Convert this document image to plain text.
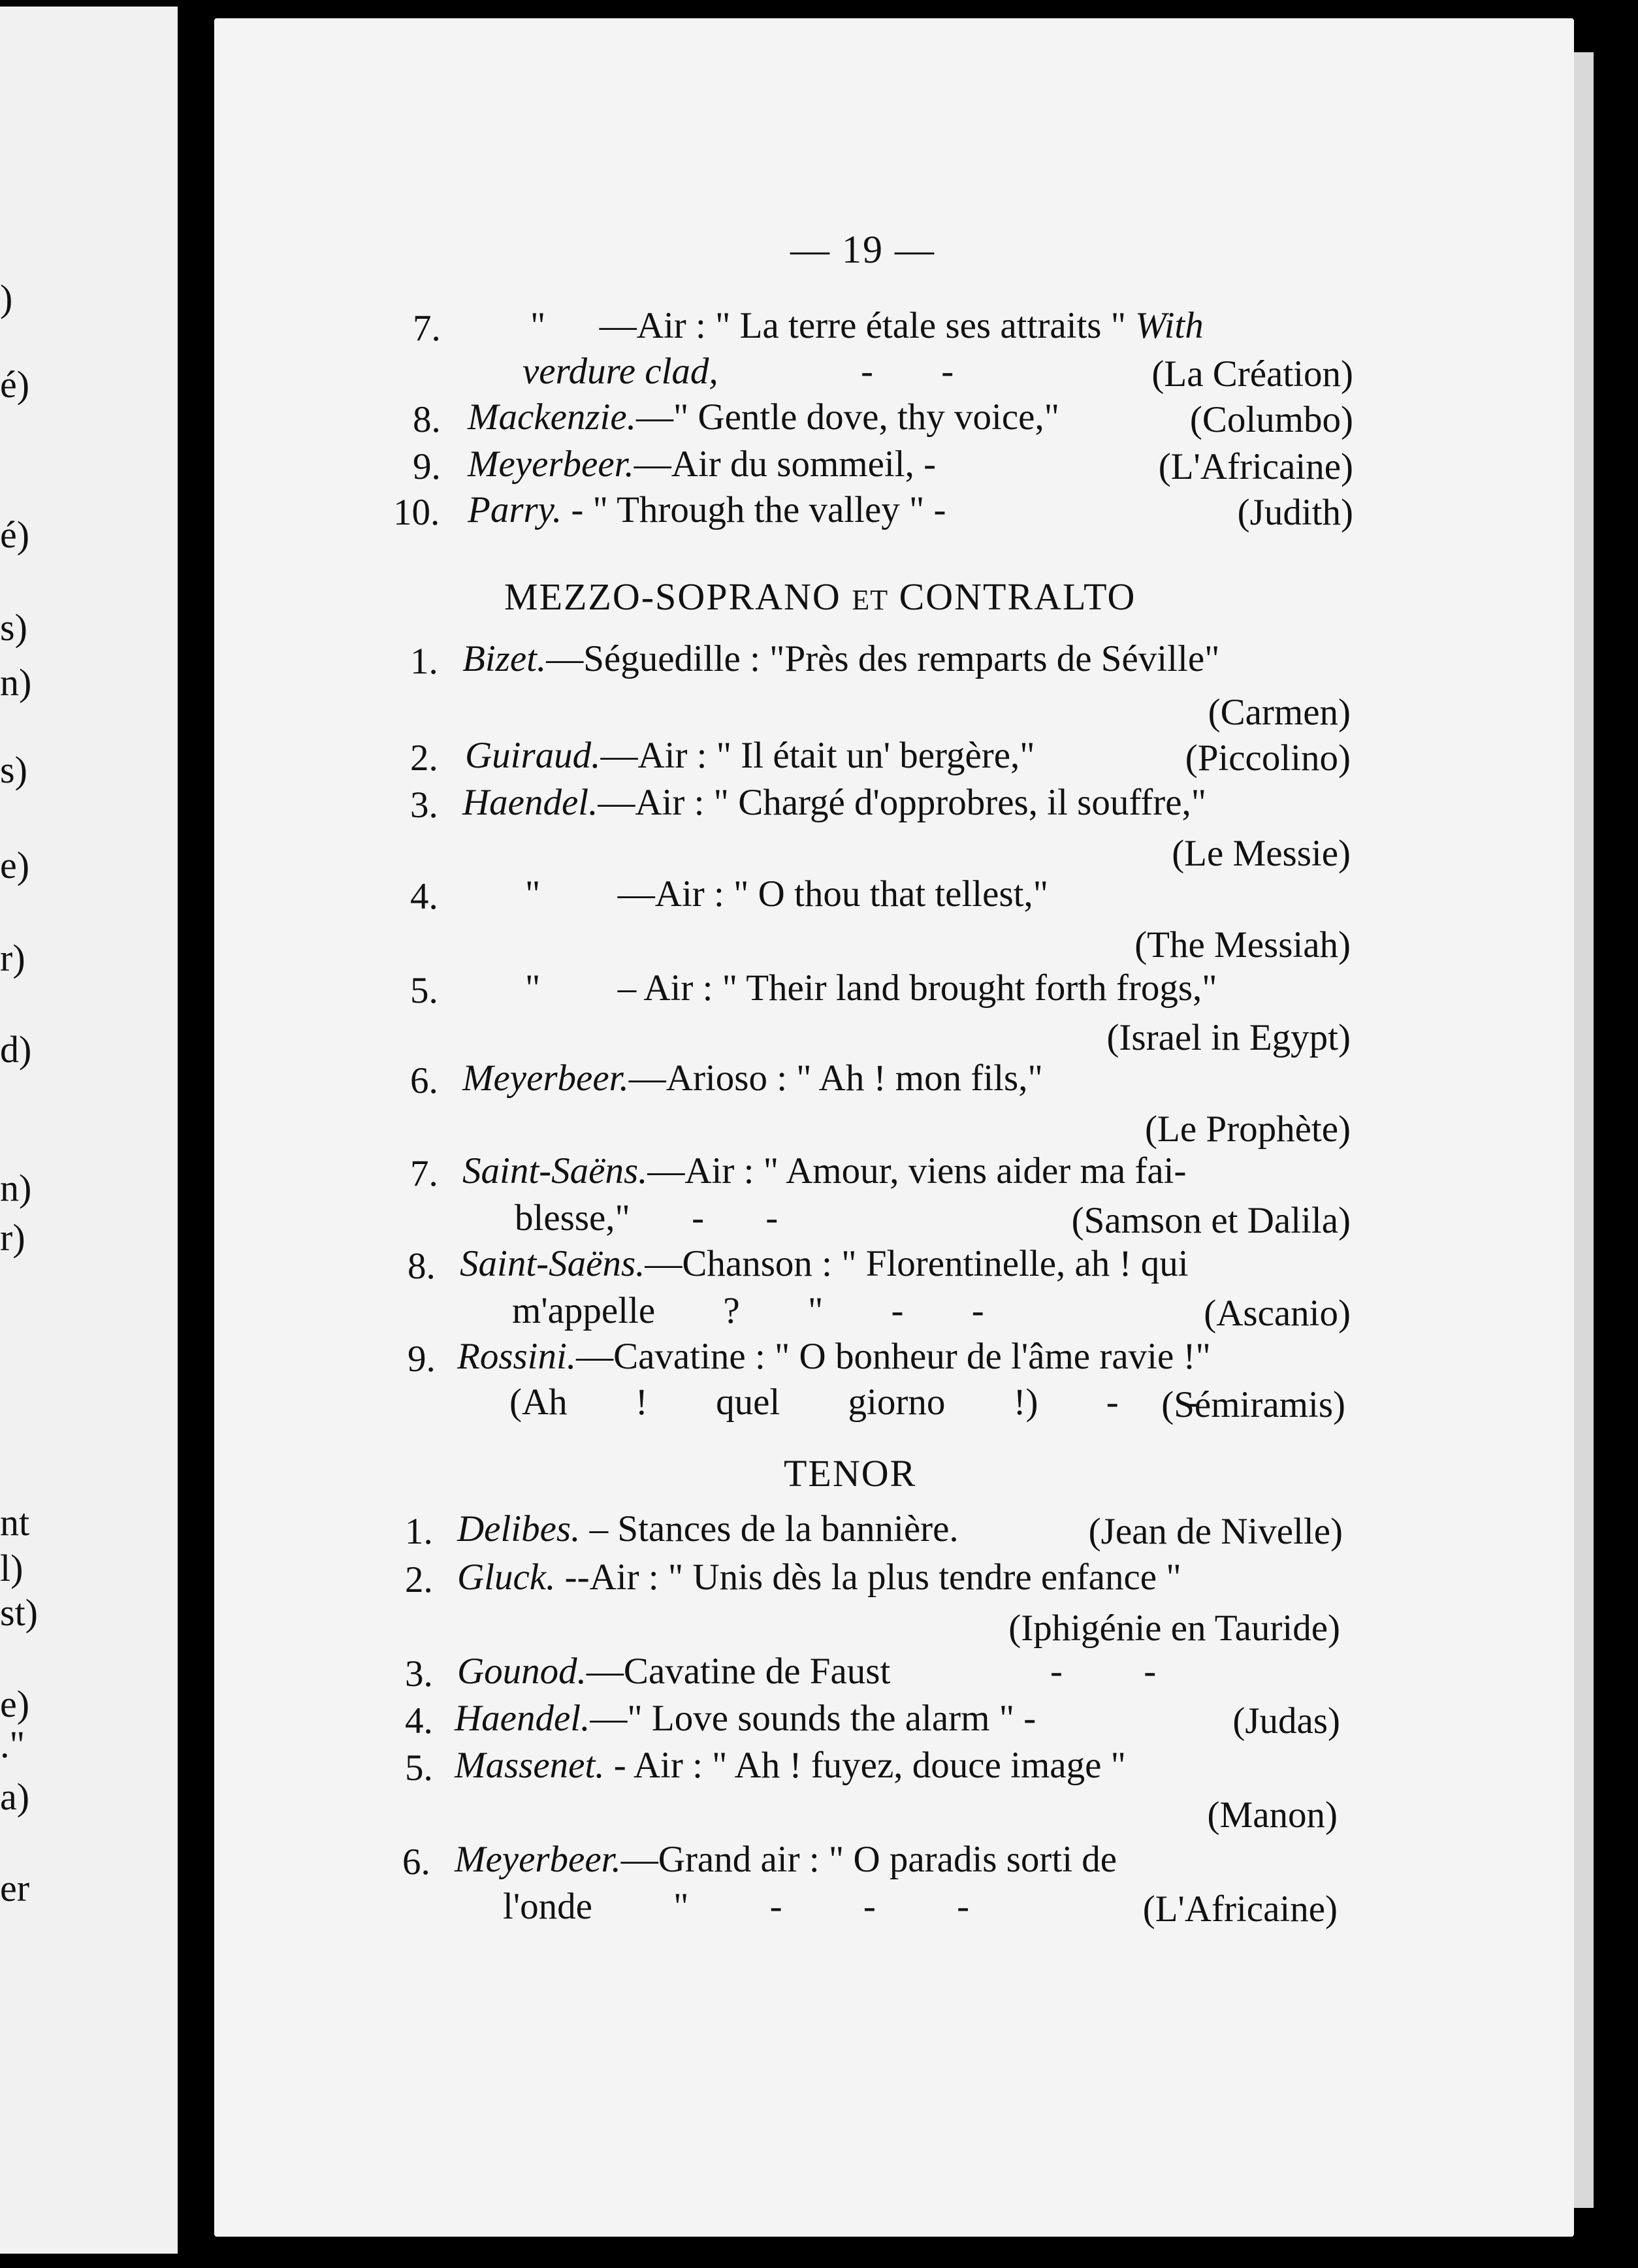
)
é)
é)
s)
n)
s)
e)
r)
d)
n)
r)
nt
l)
st)
e)
."
a)
er
— 19 —
7. " —Air : " La terre étale ses attraits " With
verdure clad,	- -	(La Création)
8. Mackenzie.—" Gentle dove, thy voice,"	(Columbo)
9. Meyerbeer.—Air du sommeil, -	(L'Africaine)
10. Parry. - " Through the valley " -	(Judith)
MEZZO-SOPRANO ET CONTRALTO
1. Bizet.—Séguedille : "Près des remparts de Séville"
(Carmen)
2. Guiraud.—Air : " Il était un' bergère,"	(Piccolino)
3. Haendel.—Air : " Chargé d'opprobres, il souffre,"
(Le Messie)
4. " —Air : " O thou that tellest,"
(The Messiah)
5. " – Air : " Their land brought forth frogs,"
(Israel in Egypt)
6. Meyerbeer.—Arioso : " Ah ! mon fils,"
(Le Prophète)
7. Saint-Saëns.—Air : " Amour, viens aider ma fai-
blesse," - -	(Samson et Dalila)
8. Saint-Saëns.—Chanson : " Florentinelle, ah ! qui
m'appelle ? " - -	(Ascanio)
9. Rossini.—Cavatine : " O bonheur de l'âme ravie !"
(Ah ! quel giorno !) - -
(Sémiramis)
TENOR
1. Delibes. – Stances de la bannière.	(Jean de Nivelle)
2. Gluck. --Air : " Unis dès la plus tendre enfance "
(Iphigénie en Tauride)
3. Gounod.—Cavatine de Faust	- -
4. Haendel.—" Love sounds the alarm " -	(Judas)
5. Massenet. - Air : " Ah ! fuyez, douce image "
(Manon)
6. Meyerbeer.—Grand air : " O paradis sorti de
l'onde " - - -	(L'Africaine)
